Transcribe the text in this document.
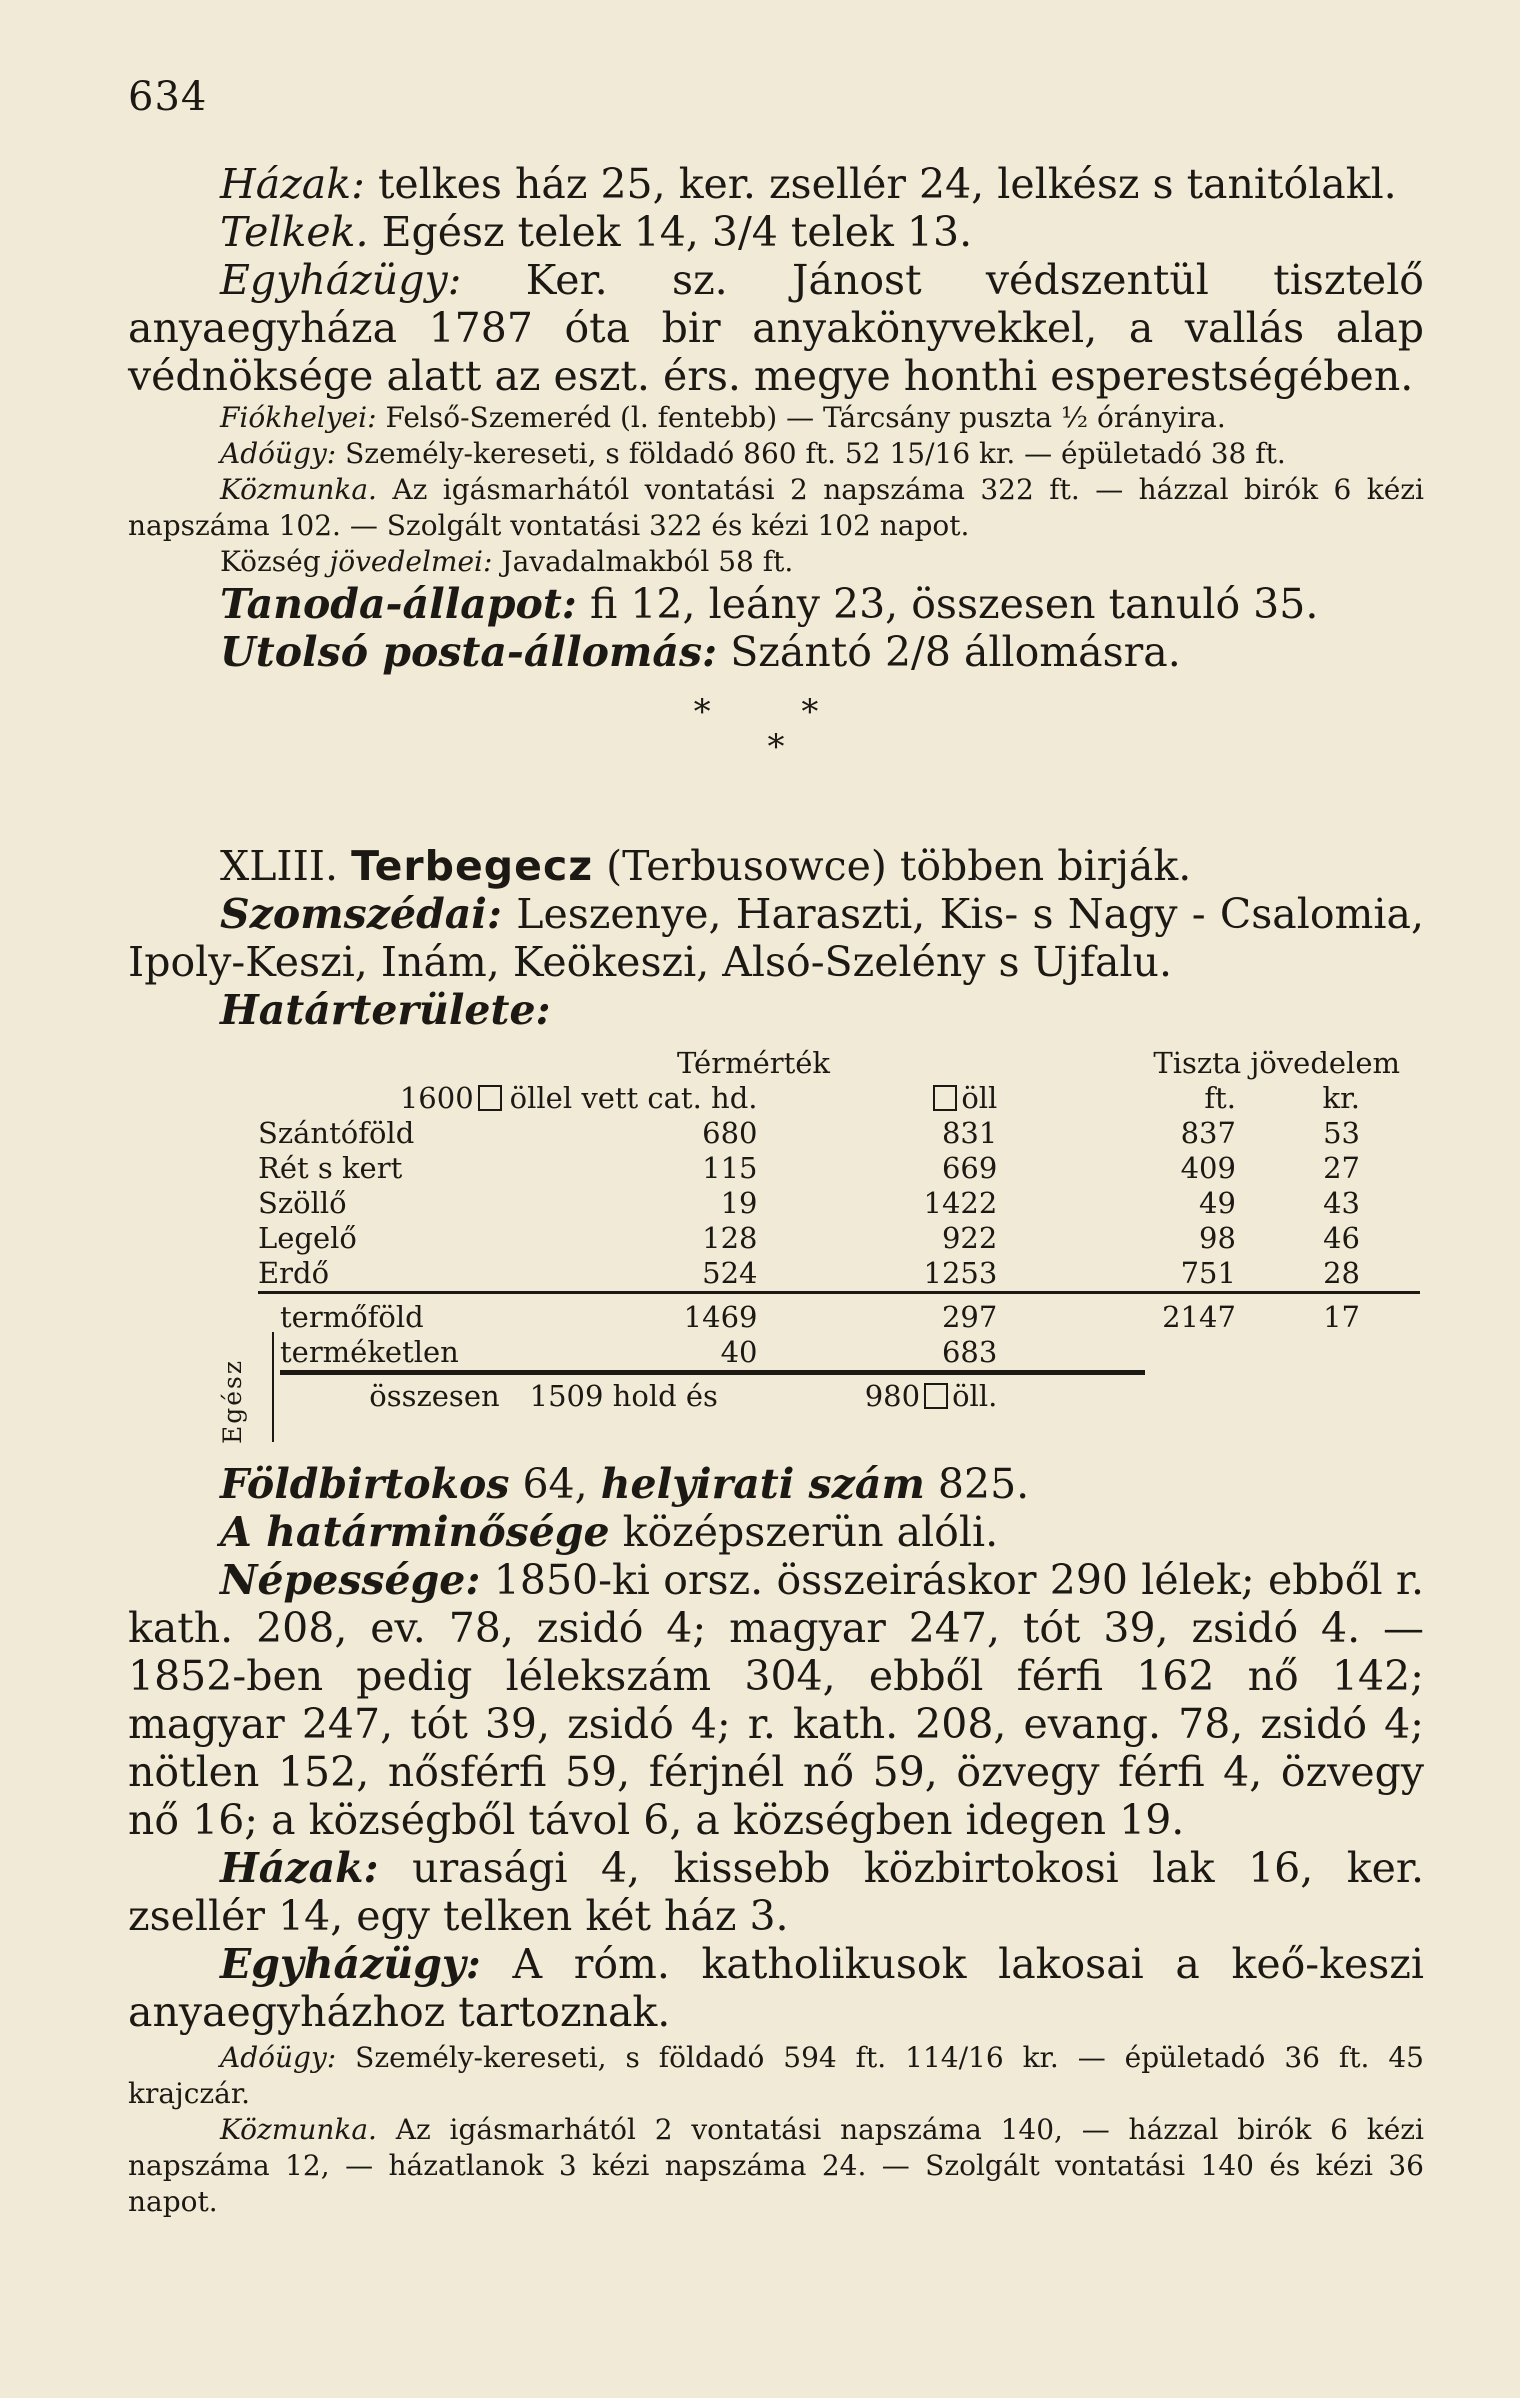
634

Házak: telkes ház 25, ker. zsellér 24, lelkész s tanitólakl.

Telkek. Egész telek 14, 3/4 telek 13.

Egyházügy: Ker. sz. Jánost védszentül tisztelő anyaegyháza 1787 óta bir anyakönyvekkel, a vallás alap védnöksége alatt az eszt. érs. megye honthi esperestségében.

Fiókhelyei: Felső-Szemeréd (l. fentebb) — Tárcsány puszta ½ órányira.

Adóügy: Személy-kereseti, s földadó 860 ft. 52 15/16 kr. — épületadó 38 ft.

Közmunka. Az igásmarhától vontatási 2 napszáma 322 ft. — házzal birók 6 kézi napszáma 102. — Szolgált vontatási 322 és kézi 102 napot.

Község jövedelmei: Javadalmakból 58 ft.

Tanoda-állapot: fi 12, leány 23, összesen tanuló 35.

Utolsó posta-állomás: Szántó 2/8 állomásra.

* *
*

XLIII. Terbegecz (Terbusowce) többen birják.

Szomszédai: Leszenye, Haraszti, Kis- s Nagy - Csalomia, Ipoly-Keszi, Inám, Keökeszi, Alsó-Szelény s Ujfalu.

Határterülete:

	Térmérték		Tiszta jövedelem	
1600	öllel vett cat. hd.	öll	ft.	kr.
Szántóföld	680	831	837	53
Rét s kert	115	669	409	27
Szöllő	19	1422	49	43
Legelő	128	922	98	46
Erdő	524	1253	751	28

termőföld	1469	297	2147	17
terméketlen	40	683		

összesen	1509 hold és	980 öll.		
Egész

Földbirtokos 64, helyirati szám 825.

A határminősége középszerün alóli.

Népessége: 1850-ki orsz. összeiráskor 290 lélek; ebből r. kath. 208, ev. 78, zsidó 4; magyar 247, tót 39, zsidó 4. — 1852-ben pedig lélekszám 304, ebből férfi 162 nő 142; magyar 247, tót 39, zsidó 4; r. kath. 208, evang. 78, zsidó 4; nötlen 152, nősférfi 59, férjnél nő 59, özvegy férfi 4, özvegy nő 16; a községből távol 6, a községben idegen 19.

Házak: urasági 4, kissebb közbirtokosi lak 16, ker. zsellér 14, egy telken két ház 3.

Egyházügy: A róm. katholikusok lakosai a keő-keszi anyaegyházhoz tartoznak.

Adóügy: Személy-kereseti, s földadó 594 ft. 114/16 kr. — épületadó 36 ft. 45 krajczár.

Közmunka. Az igásmarhától 2 vontatási napszáma 140, — házzal birók 6 kézi napszáma 12, — házatlanok 3 kézi napszáma 24. — Szolgált vontatási 140 és kézi 36 napot.
